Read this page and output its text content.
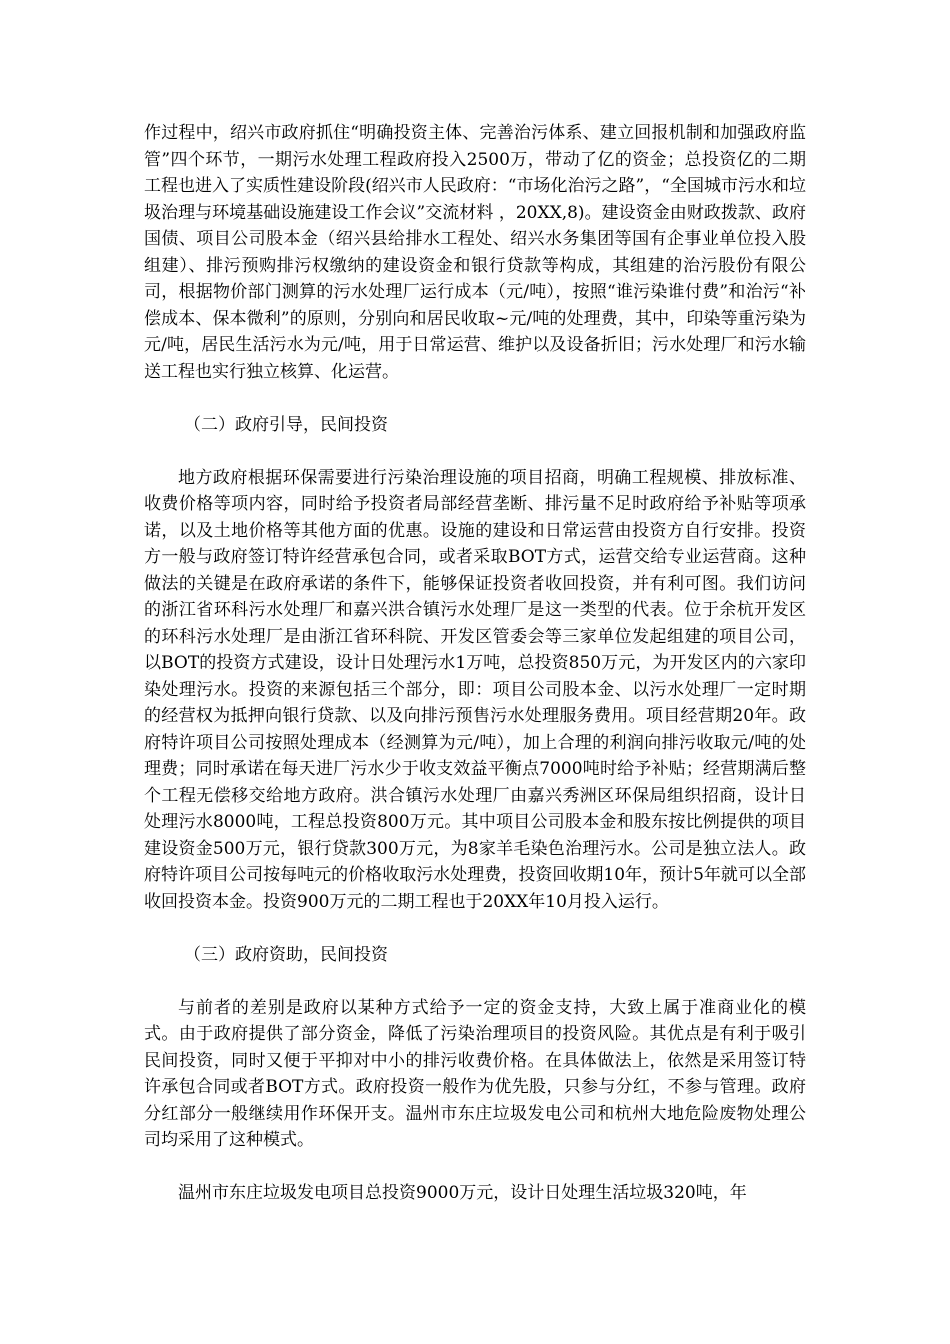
作过程中，绍兴市政府抓住“明确投资主体、完善治污体系、建立回报机制和加强政府监管”四个环节，一期污水处理工程政府投入2500万，带动了亿的资金；总投资亿的二期工程也进入了实质性建设阶段(绍兴市人民政府：“市场化治污之路”，“全国城市污水和垃圾治理与环境基础设施建设工作会议”交流材料 ，20XX,8)。建设资金由财政拨款、政府国债、项目公司股本金（绍兴县给排水工程处、绍兴水务集团等国有企事业单位投入股组建）、排污预购排污权缴纳的建设资金和银行贷款等构成，其组建的治污股份有限公司，根据物价部门测算的污水处理厂运行成本（元/吨），按照“谁污染谁付费”和治污“补偿成本、保本微利”的原则，分别向和居民收取~元/吨的处理费，其中，印染等重污染为元/吨，居民生活污水为元/吨，用于日常运营、维护以及设备折旧；污水处理厂和污水输送工程也实行独立核算、化运营。

（二）政府引导，民间投资

地方政府根据环保需要进行污染治理设施的项目招商，明确工程规模、排放标准、收费价格等项内容，同时给予投资者局部经营垄断、排污量不足时政府给予补贴等项承诺，以及土地价格等其他方面的优惠。设施的建设和日常运营由投资方自行安排。投资方一般与政府签订特许经营承包合同，或者采取BOT方式，运营交给专业运营商。这种做法的关键是在政府承诺的条件下，能够保证投资者收回投资，并有利可图。我们访问的浙江省环科污水处理厂和嘉兴洪合镇污水处理厂是这一类型的代表。位于余杭开发区的环科污水处理厂是由浙江省环科院、开发区管委会等三家单位发起组建的项目公司，以BOT的投资方式建设，设计日处理污水1万吨，总投资850万元，为开发区内的六家印染处理污水。投资的来源包括三个部分，即：项目公司股本金、以污水处理厂一定时期的经营权为抵押向银行贷款、以及向排污预售污水处理服务费用。项目经营期20年。政府特许项目公司按照处理成本（经测算为元/吨），加上合理的利润向排污收取元/吨的处理费；同时承诺在每天进厂污水少于收支效益平衡点7000吨时给予补贴；经营期满后整个工程无偿移交给地方政府。洪合镇污水处理厂由嘉兴秀洲区环保局组织招商，设计日处理污水8000吨，工程总投资800万元。其中项目公司股本金和股东按比例提供的项目建设资金500万元，银行贷款300万元，为8家羊毛染色治理污水。公司是独立法人。政府特许项目公司按每吨元的价格收取污水处理费，投资回收期10年，预计5年就可以全部收回投资本金。投资900万元的二期工程也于20XX年10月投入运行。

（三）政府资助，民间投资

与前者的差别是政府以某种方式给予一定的资金支持，大致上属于准商业化的模式。由于政府提供了部分资金，降低了污染治理项目的投资风险。其优点是有利于吸引民间投资，同时又便于平抑对中小的排污收费价格。在具体做法上，依然是采用签订特许承包合同或者BOT方式。政府投资一般作为优先股，只参与分红，不参与管理。政府分红部分一般继续用作环保开支。温州市东庄垃圾发电公司和杭州大地危险废物处理公司均采用了这种模式。

温州市东庄垃圾发电项目总投资9000万元，设计日处理生活垃圾320吨，年
